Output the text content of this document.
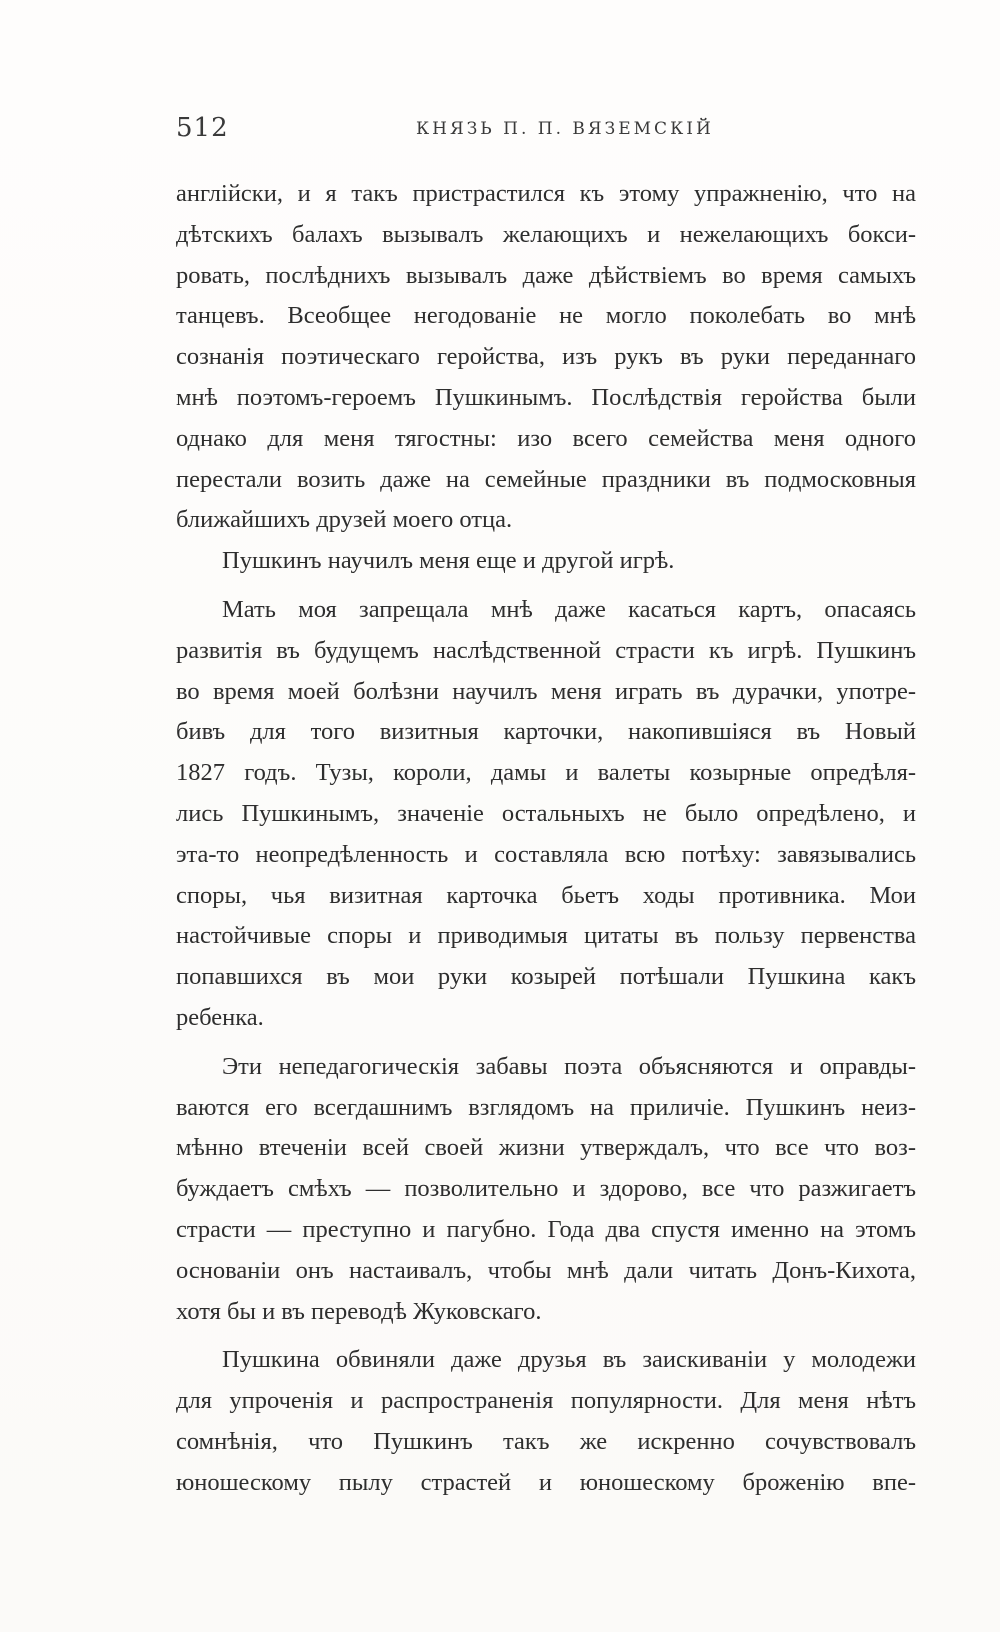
512	КНЯЗЬ П. П. ВЯЗЕМСКІЙ
англійски, и я такъ пристрастился къ этому упражненію, что на
дѣтскихъ балахъ вызывалъ желающихъ и нежелающихъ бокси-
ровать, послѣднихъ вызывалъ даже дѣйствіемъ во время самыхъ
танцевъ. Всеобщее негодованіе не могло поколебать во мнѣ
сознанія поэтическаго геройства, изъ рукъ въ руки переданнаго
мнѣ поэтомъ-героемъ Пушкинымъ. Послѣдствія геройства были
однако для меня тягостны: изо всего семейства меня одного
перестали возить даже на семейные праздники въ подмосковныя
ближайшихъ друзей моего отца.
Пушкинъ научилъ меня еще и другой игрѣ.
Мать моя запрещала мнѣ даже касаться картъ, опасаясь
развитія въ будущемъ наслѣдственной страсти къ игрѣ. Пушкинъ
во время моей болѣзни научилъ меня играть въ дурачки, употре-
бивъ для того визитныя карточки, накопившіяся въ Новый
1827 годъ. Тузы, короли, дамы и валеты козырные опредѣля-
лись Пушкинымъ, значеніе остальныхъ не было опредѣлено, и
эта-то неопредѣленность и составляла всю потѣху: завязывались
споры, чья визитная карточка бьетъ ходы противника. Мои
настойчивые споры и приводимыя цитаты въ пользу первенства
попавшихся въ мои руки козырей потѣшали Пушкина какъ
ребенка.
Эти непедагогическія забавы поэта объясняются и оправды-
ваются его всегдашнимъ взглядомъ на приличіе. Пушкинъ неиз-
мѣнно втеченіи всей своей жизни утверждалъ, что все что воз-
буждаетъ смѣхъ — позволительно и здорово, все что разжигаетъ
страсти — преступно и пагубно. Года два спустя именно на этомъ
основаніи онъ настаивалъ, чтобы мнѣ дали читать Донъ-Кихота,
хотя бы и въ переводѣ Жуковскаго.
Пушкина обвиняли даже друзья въ заискиваніи у молодежи
для упроченія и распространенія популярности. Для меня нѣтъ
сомнѣнія, что Пушкинъ такъ же искренно сочувствовалъ
юношескому пылу страстей и юношескому броженію впе-
